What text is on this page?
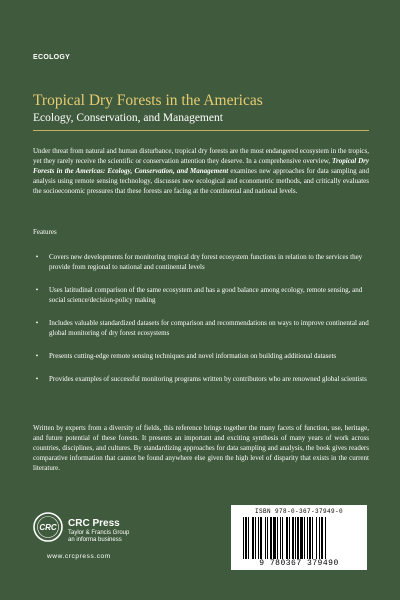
ECOLOGY
Tropical Dry Forests in the Americas
Ecology, Conservation, and Management

Under threat from natural and human disturbance, tropical dry forests are the most endangered ecosystem in the tropics, yet they rarely receive the scientific or conservation attention they deserve. In a comprehensive overview, Tropical Dry Forests in the Americas: Ecology, Conservation, and Management examines new approaches for data sampling and analysis using remote sensing technology, discusses new ecological and econometric methods, and critically evaluates the socioeconomic pressures that these forests are facing at the continental and national levels.

Features
•	Covers new developments for monitoring tropical dry forest ecosystem functions in relation to the services they provide from regional to national and continental levels
•	Uses latitudinal comparison of the same ecosystem and has a good balance among ecology, remote sensing, and social science/decision-policy making
•	Includes valuable standardized datasets for comparison and recommendations on ways to improve continental and global monitoring of dry forest ecosystems
•	Presents cutting-edge remote sensing techniques and novel information on building additional datasets
•	Provides examples of successful monitoring programs written by contributors who are renowned global scientists

Written by experts from a diversity of fields, this reference brings together the many facets of function, use, heritage, and future potential of these forests. It presents an important and exciting synthesis of many years of work across countries, disciplines, and cultures. By standardizing approaches for data sampling and analysis, the book gives readers comparative information that cannot be found anywhere else given the high level of disparity that exists in the current literature.

CRC CRC Press
Taylor & Francis Group
an informa business
www.crcpress.com
ISBN 978-0-367-37949-0
9 780367 379490
